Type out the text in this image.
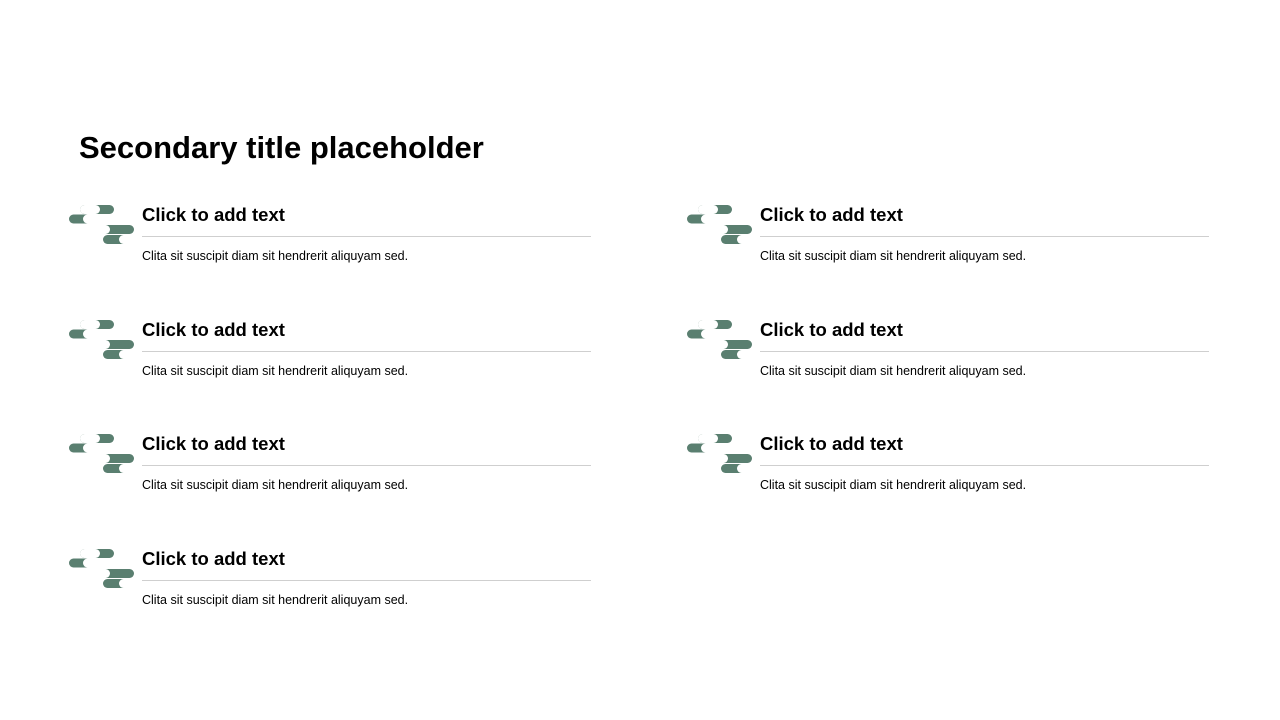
Secondary title placeholder
Click to add text
Clita sit suscipit diam sit hendrerit aliquyam sed.
Click to add text
Clita sit suscipit diam sit hendrerit aliquyam sed.
Click to add text
Clita sit suscipit diam sit hendrerit aliquyam sed.
Click to add text
Clita sit suscipit diam sit hendrerit aliquyam sed.
Click to add text
Clita sit suscipit diam sit hendrerit aliquyam sed.
Click to add text
Clita sit suscipit diam sit hendrerit aliquyam sed.
Click to add text
Clita sit suscipit diam sit hendrerit aliquyam sed.
